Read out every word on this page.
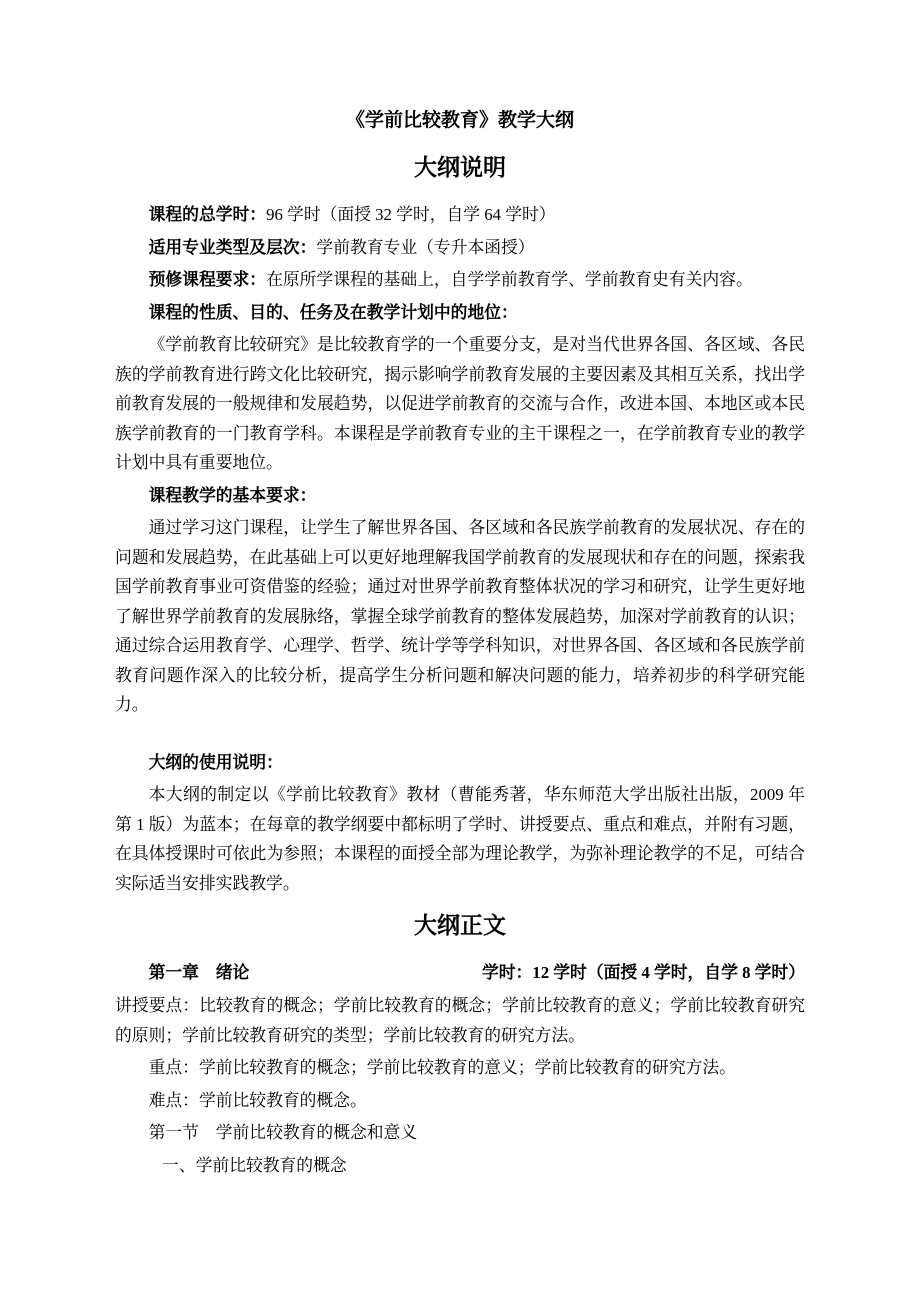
《学前比较教育》教学大纲
大纲说明

课程的总学时：96 学时（面授 32 学时，自学 64 学时）

适用专业类型及层次：学前教育专业（专升本函授）

预修课程要求：在原所学课程的基础上，自学学前教育学、学前教育史有关内容。

课程的性质、目的、任务及在教学计划中的地位：

《学前教育比较研究》是比较教育学的一个重要分支，是对当代世界各国、各区域、各民族的学前教育进行跨文化比较研究，揭示影响学前教育发展的主要因素及其相互关系，找出学前教育发展的一般规律和发展趋势，以促进学前教育的交流与合作，改进本国、本地区或本民族学前教育的一门教育学科。本课程是学前教育专业的主干课程之一，在学前教育专业的教学计划中具有重要地位。

课程教学的基本要求：

通过学习这门课程，让学生了解世界各国、各区域和各民族学前教育的发展状况、存在的问题和发展趋势，在此基础上可以更好地理解我国学前教育的发展现状和存在的问题，探索我国学前教育事业可资借鉴的经验；通过对世界学前教育整体状况的学习和研究，让学生更好地了解世界学前教育的发展脉络，掌握全球学前教育的整体发展趋势，加深对学前教育的认识；通过综合运用教育学、心理学、哲学、统计学等学科知识，对世界各国、各区域和各民族学前教育问题作深入的比较分析，提高学生分析问题和解决问题的能力，培养初步的科学研究能力。

大纲的使用说明：

本大纲的制定以《学前比较教育》教材（曹能秀著，华东师范大学出版社出版，2009 年第 1 版）为蓝本；在每章的教学纲要中都标明了学时、讲授要点、重点和难点，并附有习题，在具体授课时可依此为参照；本课程的面授全部为理论教学，为弥补理论教学的不足，可结合实际适当安排实践教学。

大纲正文
第一章　绪论	学时：12 学时（面授 4 学时，自学 8 学时）

讲授要点：比较教育的概念；学前比较教育的概念；学前比较教育的意义；学前比较教育研究的原则；学前比较教育研究的类型；学前比较教育的研究方法。

重点：学前比较教育的概念；学前比较教育的意义；学前比较教育的研究方法。

难点：学前比较教育的概念。

第一节　学前比较教育的概念和意义

一、学前比较教育的概念
